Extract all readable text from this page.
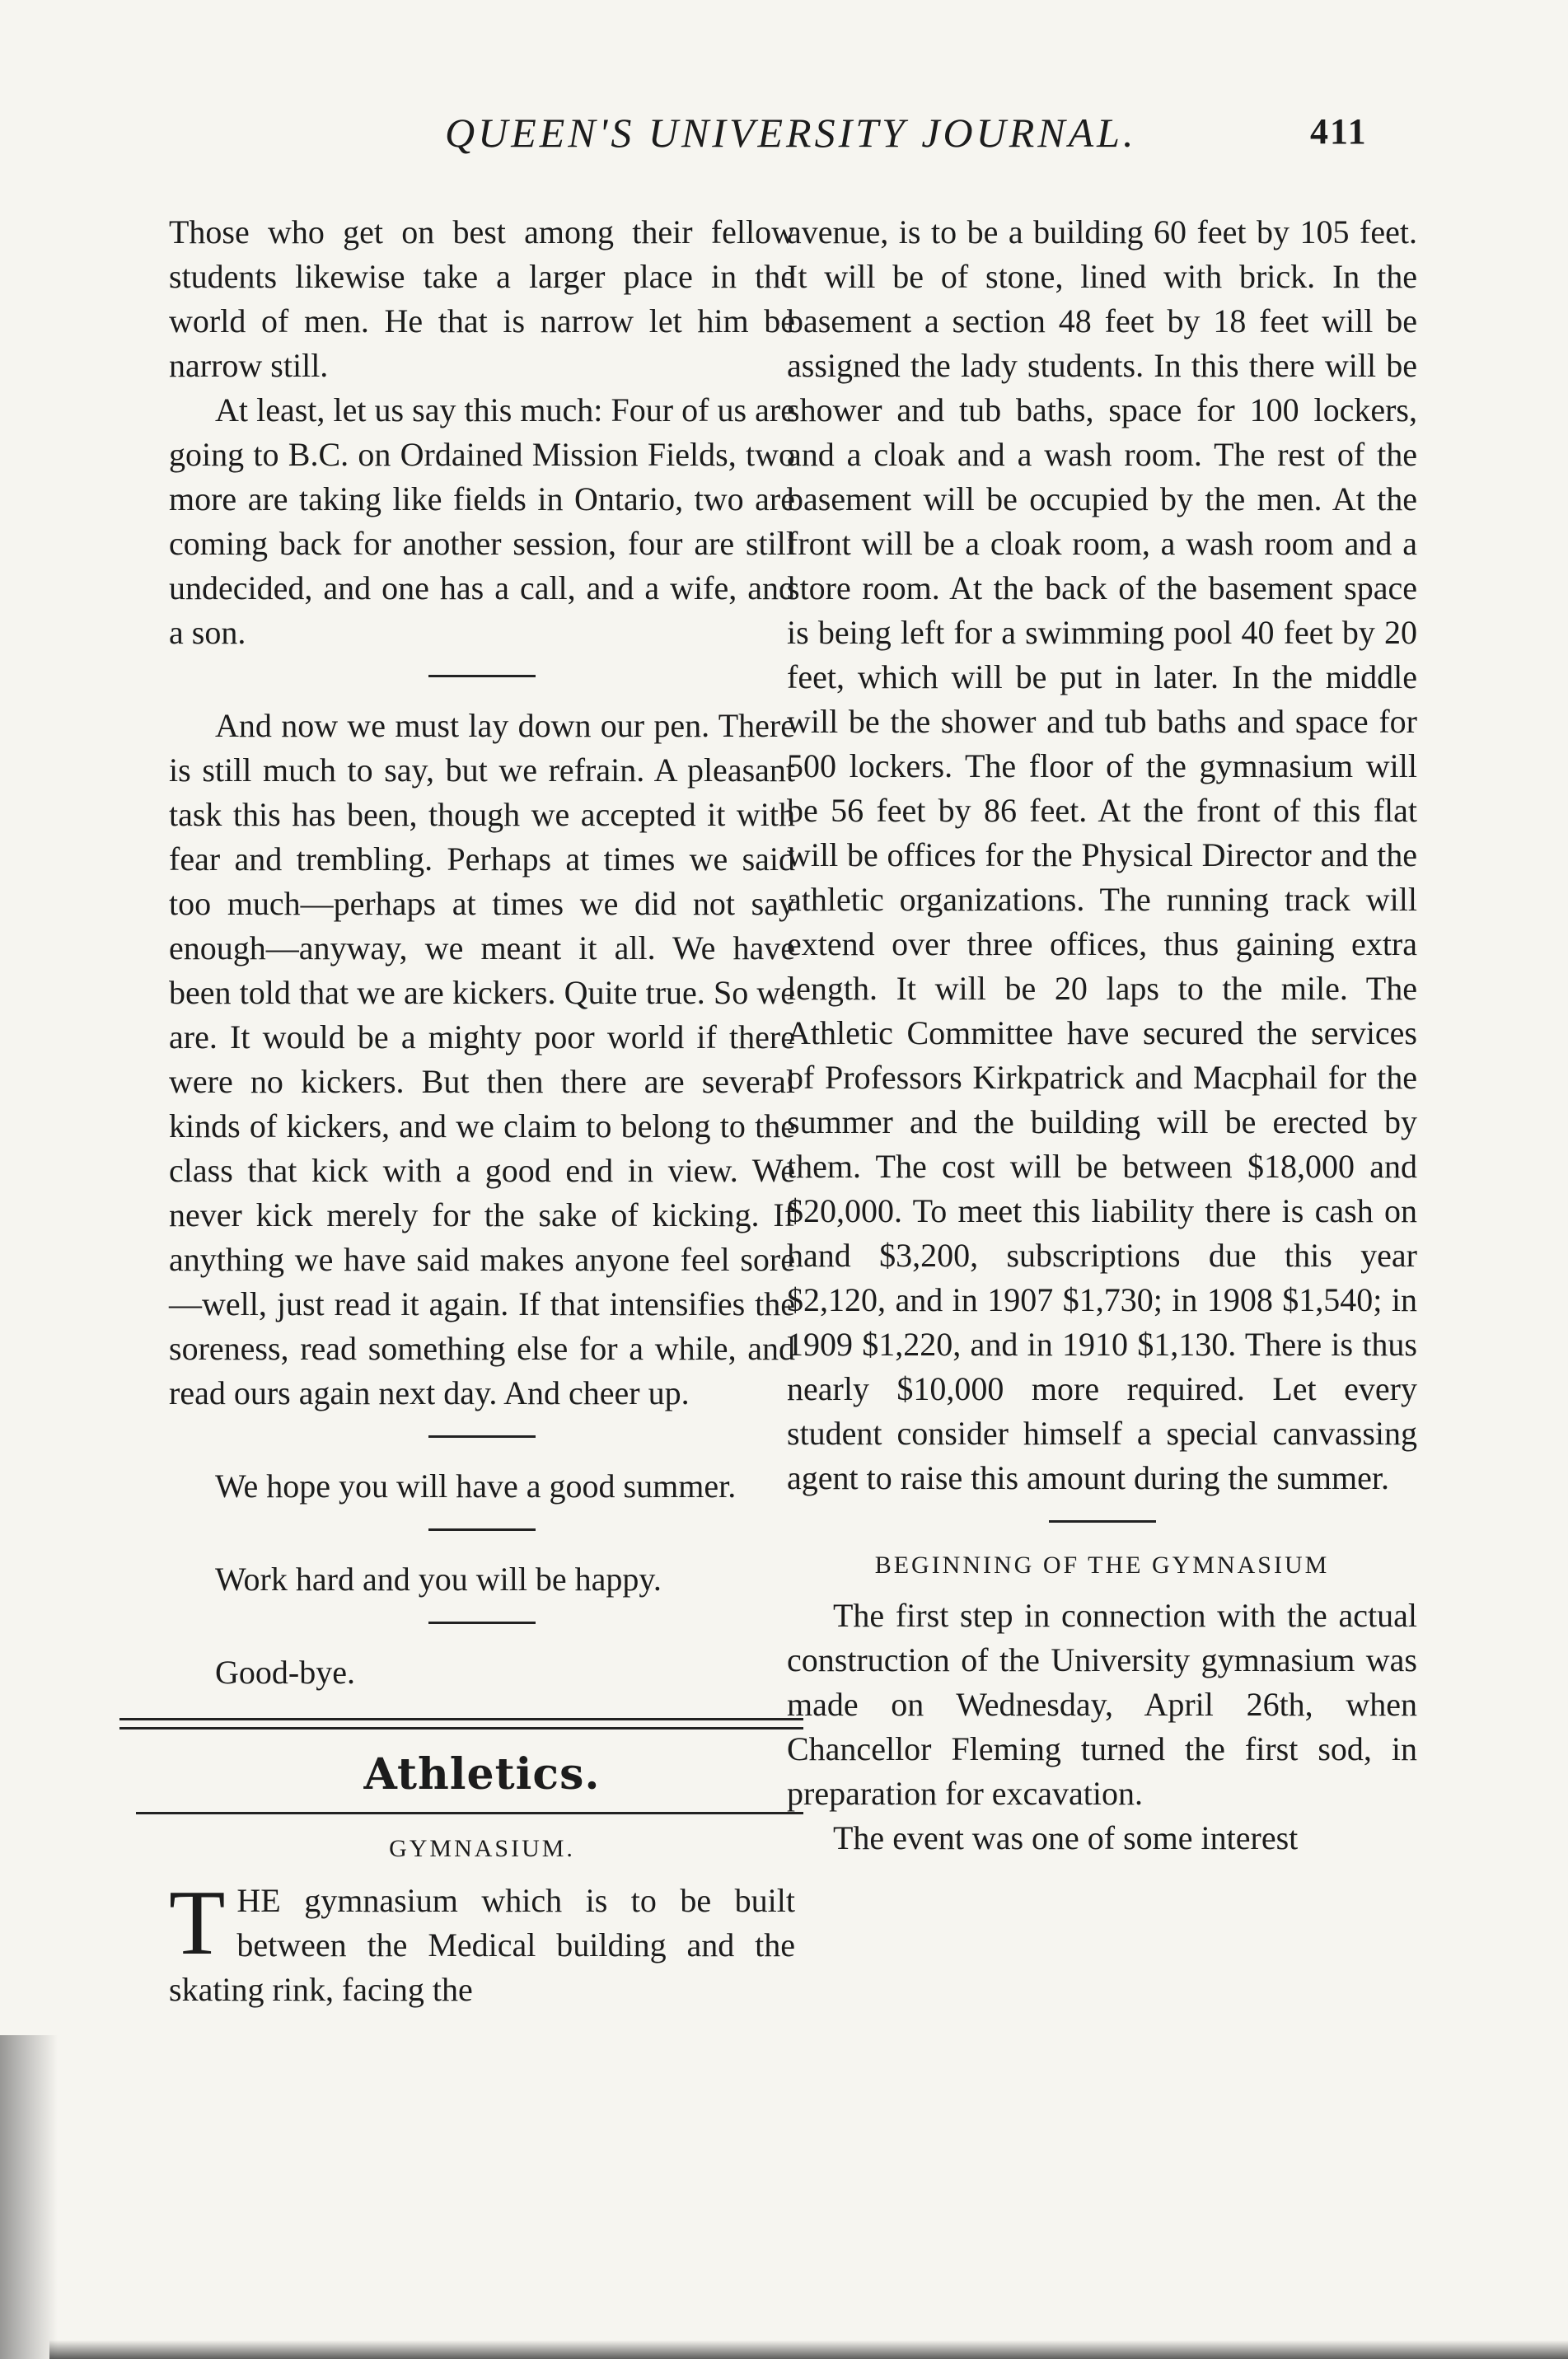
QUEEN'S UNIVERSITY JOURNAL.	411

Those who get on best among their fellow students likewise take a larger place in the world of men. He that is narrow let him be narrow still.

At least, let us say this much: Four of us are going to B.C. on Ordained Mission Fields, two more are taking like fields in Ontario, two are coming back for another session, four are still undecided, and one has a call, and a wife, and a son.

And now we must lay down our pen. There is still much to say, but we refrain. A pleasant task this has been, though we accepted it with fear and trembling. Perhaps at times we said too much—perhaps at times we did not say enough—anyway, we meant it all. We have been told that we are kickers. Quite true. So we are. It would be a mighty poor world if there were no kickers. But then there are several kinds of kickers, and we claim to belong to the class that kick with a good end in view. We never kick merely for the sake of kicking. If anything we have said makes anyone feel sore—well, just read it again. If that intensifies the soreness, read something else for a while, and read ours again next day. And cheer up.

We hope you will have a good summer.

Work hard and you will be happy.

Good-bye.

Athletics.
GYMNASIUM.

THE gymnasium which is to be built between the Medical building and the skating rink, facing the

avenue, is to be a building 60 feet by 105 feet. It will be of stone, lined with brick. In the basement a section 48 feet by 18 feet will be assigned the lady students. In this there will be shower and tub baths, space for 100 lockers, and a cloak and a wash room. The rest of the basement will be occupied by the men. At the front will be a cloak room, a wash room and a store room. At the back of the basement space is being left for a swimming pool 40 feet by 20 feet, which will be put in later. In the middle will be the shower and tub baths and space for 500 lockers. The floor of the gymnasium will be 56 feet by 86 feet. At the front of this flat will be offices for the Physical Director and the athletic organizations. The running track will extend over three offices, thus gaining extra length. It will be 20 laps to the mile. The Athletic Committee have secured the services of Professors Kirkpatrick and Macphail for the summer and the building will be erected by them. The cost will be between $18,000 and $20,000. To meet this liability there is cash on hand $3,200, subscriptions due this year $2,120, and in 1907 $1,730; in 1908 $1,540; in 1909 $1,220, and in 1910 $1,130. There is thus nearly $10,000 more required. Let every student consider himself a special canvassing agent to raise this amount during the summer.

BEGINNING OF THE GYMNASIUM

The first step in connection with the actual construction of the University gymnasium was made on Wednesday, April 26th, when Chancellor Fleming turned the first sod, in preparation for excavation.

The event was one of some interest
